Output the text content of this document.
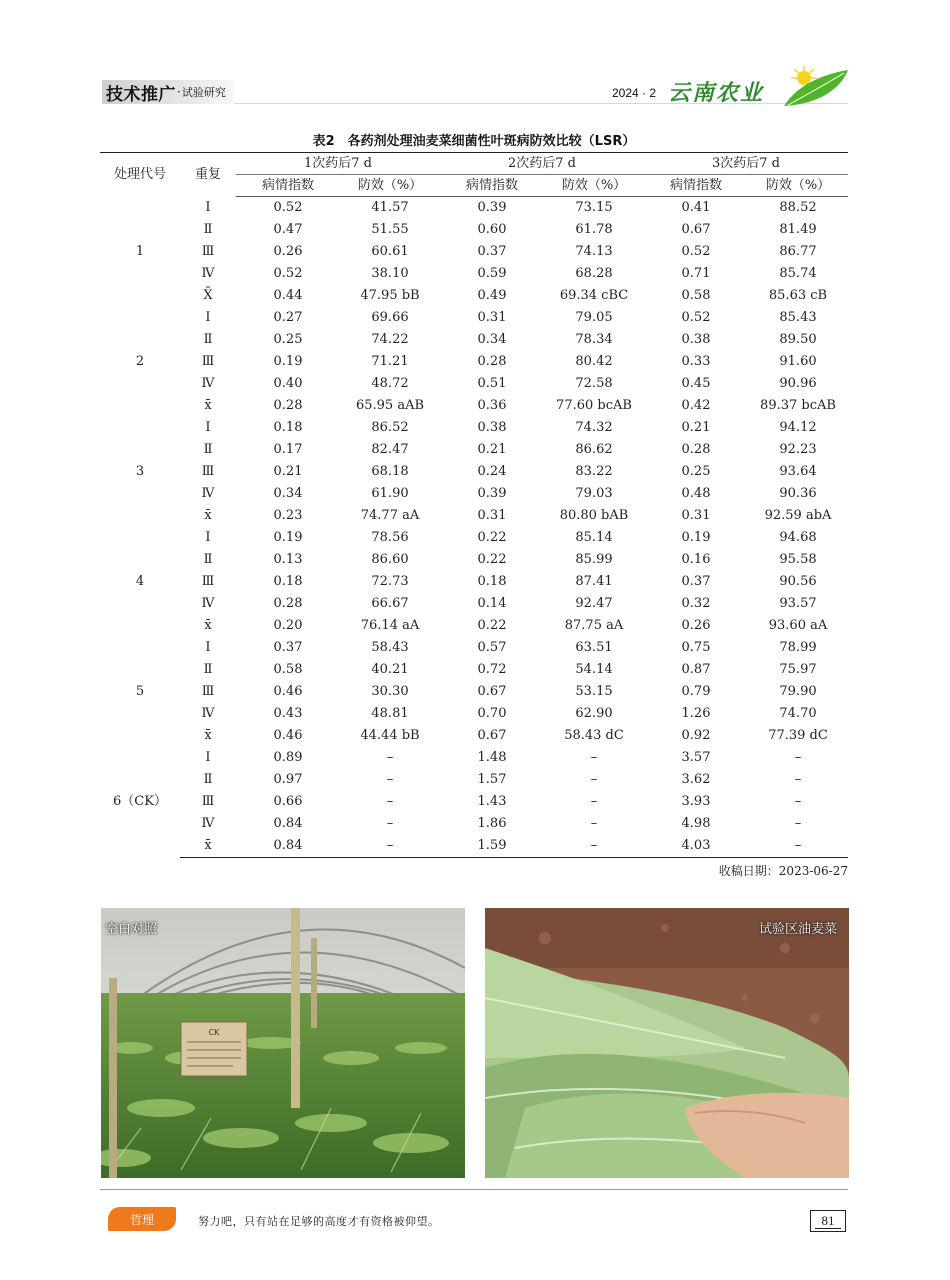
技术推广 · 试验研究	2024 · 2 云南农业
表2　各药剂处理油麦菜细菌性叶斑病防效比较（LSR）
处理代号	重复	1次药后7 d		2次药后7 d		3次药后7 d	
		病情指数	防效（%）	病情指数	防效（%）	病情指数	防效（%）
1	Ⅰ	0.52	41.57	0.39	73.15	0.41	88.52
	Ⅱ	0.47	51.55	0.60	61.78	0.67	81.49
	Ⅲ	0.26	60.61	0.37	74.13	0.52	86.77
	Ⅳ	0.52	38.10	0.59	68.28	0.71	85.74
	X̄	0.44	47.95 bB	0.49	69.34 cBC	0.58	85.63 cB
2	Ⅰ	0.27	69.66	0.31	79.05	0.52	85.43
	Ⅱ	0.25	74.22	0.34	78.34	0.38	89.50
	Ⅲ	0.19	71.21	0.28	80.42	0.33	91.60
	Ⅳ	0.40	48.72	0.51	72.58	0.45	90.96
	x̄	0.28	65.95 aAB	0.36	77.60 bcAB	0.42	89.37 bcAB
3	Ⅰ	0.18	86.52	0.38	74.32	0.21	94.12
	Ⅱ	0.17	82.47	0.21	86.62	0.28	92.23
	Ⅲ	0.21	68.18	0.24	83.22	0.25	93.64
	Ⅳ	0.34	61.90	0.39	79.03	0.48	90.36
	x̄	0.23	74.77 aA	0.31	80.80 bAB	0.31	92.59 abA
4	Ⅰ	0.19	78.56	0.22	85.14	0.19	94.68
	Ⅱ	0.13	86.60	0.22	85.99	0.16	95.58
	Ⅲ	0.18	72.73	0.18	87.41	0.37	90.56
	Ⅳ	0.28	66.67	0.14	92.47	0.32	93.57
	x̄	0.20	76.14 aA	0.22	87.75 aA	0.26	93.60 aA
5	Ⅰ	0.37	58.43	0.57	63.51	0.75	78.99
	Ⅱ	0.58	40.21	0.72	54.14	0.87	75.97
	Ⅲ	0.46	30.30	0.67	53.15	0.79	79.90
	Ⅳ	0.43	48.81	0.70	62.90	1.26	74.70
	x̄	0.46	44.44 bB	0.67	58.43 dC	0.92	77.39 dC
6（CK）	Ⅰ	0.89	–	1.48	–	3.57	–
	Ⅱ	0.97	–	1.57	–	3.62	–
	Ⅲ	0.66	–	1.43	–	3.93	–
	Ⅳ	0.84	–	1.86	–	4.98	–
	x̄	0.84	–	1.59	–	4.03	–
收稿日期：2023-06-27
CK
空白对照	试验区油麦菜
哲理	努力吧，只有站在足够的高度才有资格被仰望。	81
